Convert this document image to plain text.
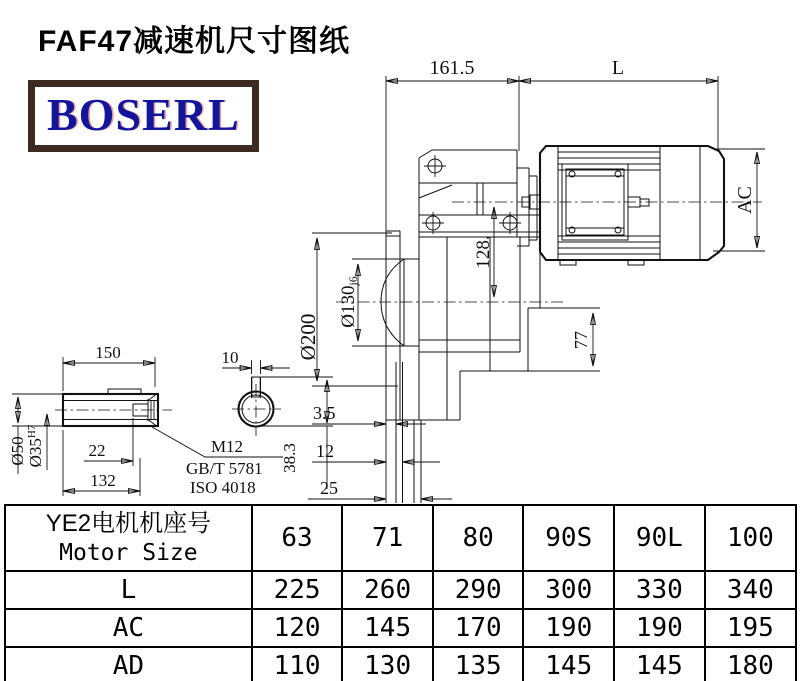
161.5	L
AC
Ø200
Ø130j6
128.
77
3.5
12
25
38.3
150
Ø50 $Ø35^{H7}$
22
132
M12
GB/T 5781
ISO 4018
10
FAF47减速机尺寸图纸
BOSERL
YE2电机机座号
Motor Size	63	71	80	90S	90L	100
L	225	260	290	300	330	340
AC	120	145	170	190	190	195
AD	110	130	135	145	145	180
